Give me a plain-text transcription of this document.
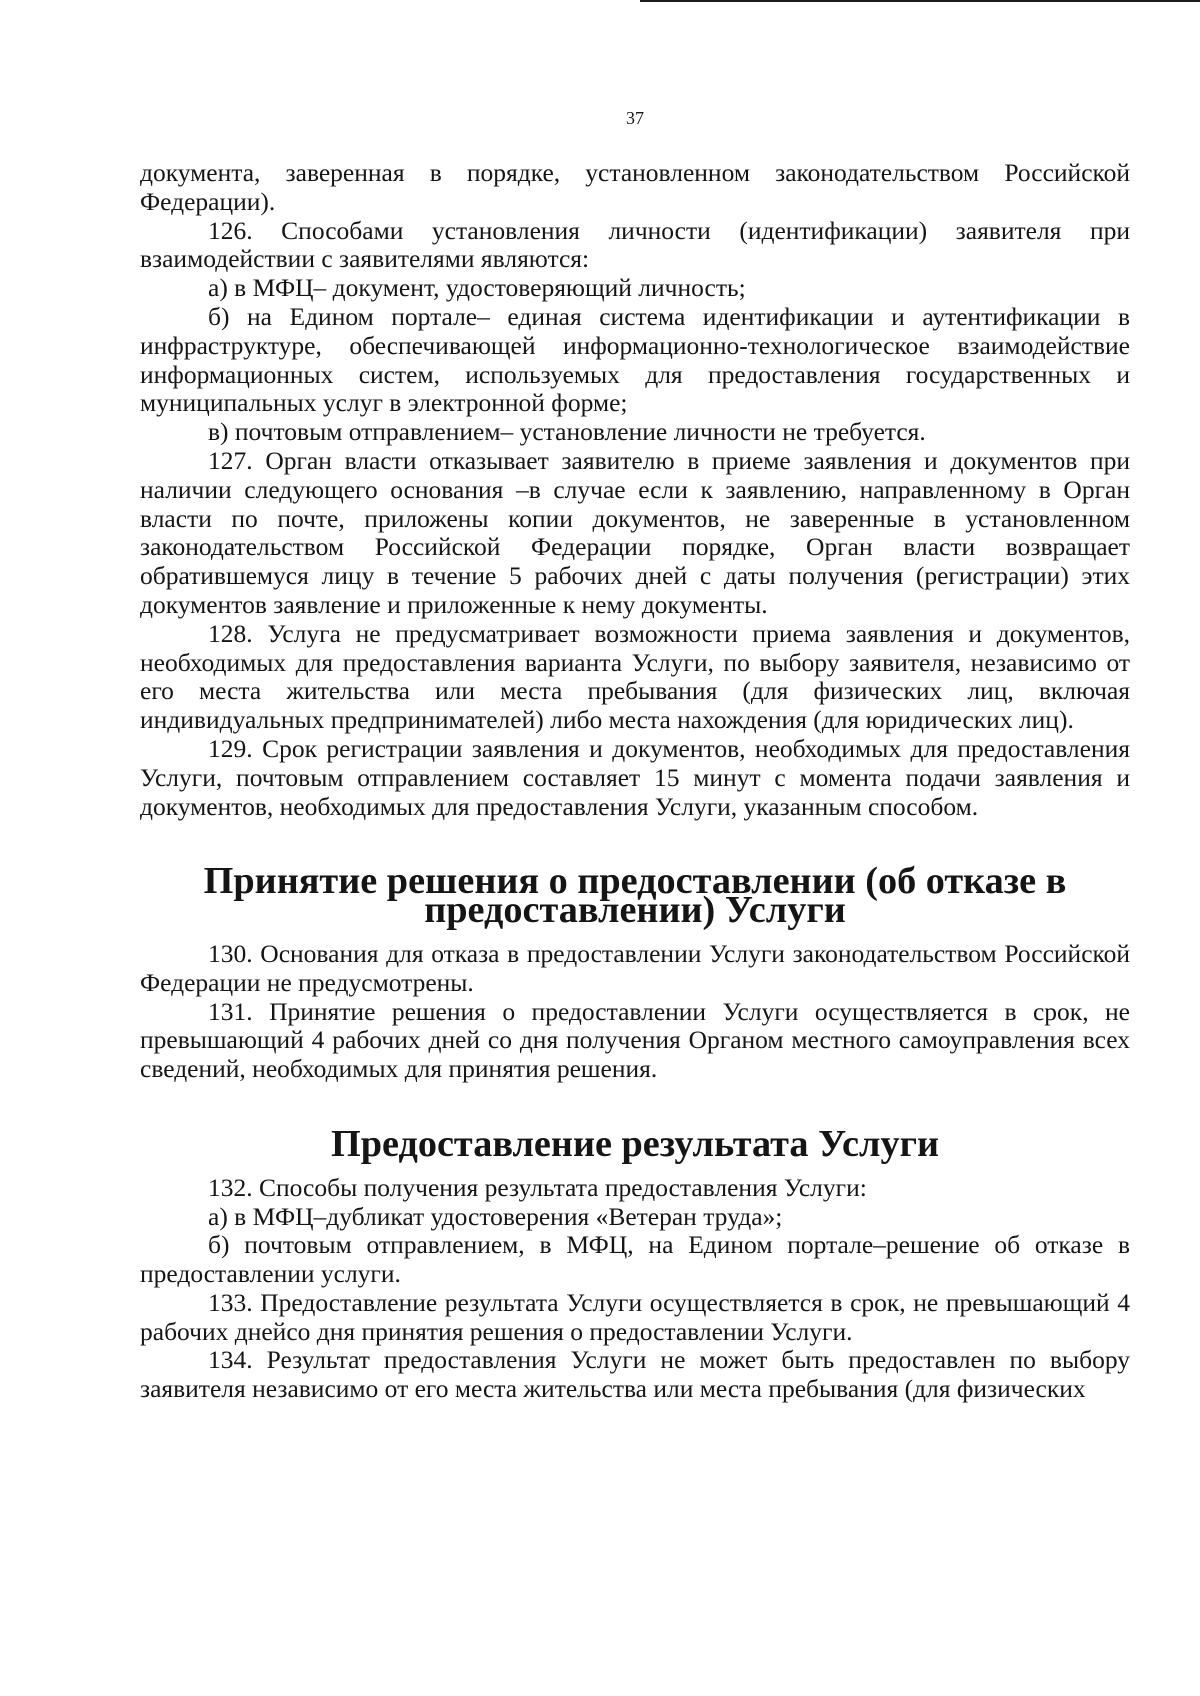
37

документа, заверенная в порядке, установленном законодательством Российской Федерации).

126. Способами установления личности (идентификации) заявителя при взаимодействии с заявителями являются:

а) в МФЦ– документ, удостоверяющий личность;

б) на Едином портале– единая система идентификации и аутентификации в инфраструктуре, обеспечивающей информационно-технологическое взаимодействие информационных систем, используемых для предоставления государственных и муниципальных услуг в электронной форме;

в) почтовым отправлением– установление личности не требуется.

127. Орган власти отказывает заявителю в приеме заявления и документов при наличии следующего основания –в случае если к заявлению, направленному в Орган власти по почте, приложены копии документов, не заверенные в установленном законодательством Российской Федерации порядке, Орган власти возвращает обратившемуся лицу в течение 5 рабочих дней с даты получения (регистрации) этих документов заявление и приложенные к нему документы.

128. Услуга не предусматривает возможности приема заявления и документов, необходимых для предоставления варианта Услуги, по выбору заявителя, независимо от его места жительства или места пребывания (для физических лиц, включая индивидуальных предпринимателей) либо места нахождения (для юридических лиц).

129. Срок регистрации заявления и документов, необходимых для предоставления Услуги, почтовым отправлением составляет 15 минут с момента подачи заявления и документов, необходимых для предоставления Услуги, указанным способом.

Принятие решения о предоставлении (об отказе в предоставлении) Услуги

130. Основания для отказа в предоставлении Услуги законодательством Российской Федерации не предусмотрены.

131. Принятие решения о предоставлении Услуги осуществляется в срок, не превышающий 4 рабочих дней со дня получения Органом местного самоуправления всех сведений, необходимых для принятия решения.

Предоставление результата Услуги

132. Способы получения результата предоставления Услуги:

а) в МФЦ–дубликат удостоверения «Ветеран труда»;

б) почтовым отправлением, в МФЦ, на Едином портале–решение об отказе в предоставлении услуги.

133. Предоставление результата Услуги осуществляется в срок, не превышающий 4 рабочих днейсо дня принятия решения о предоставлении Услуги.

134. Результат предоставления Услуги не может быть предоставлен по выбору заявителя независимо от его места жительства или места пребывания (для физических
